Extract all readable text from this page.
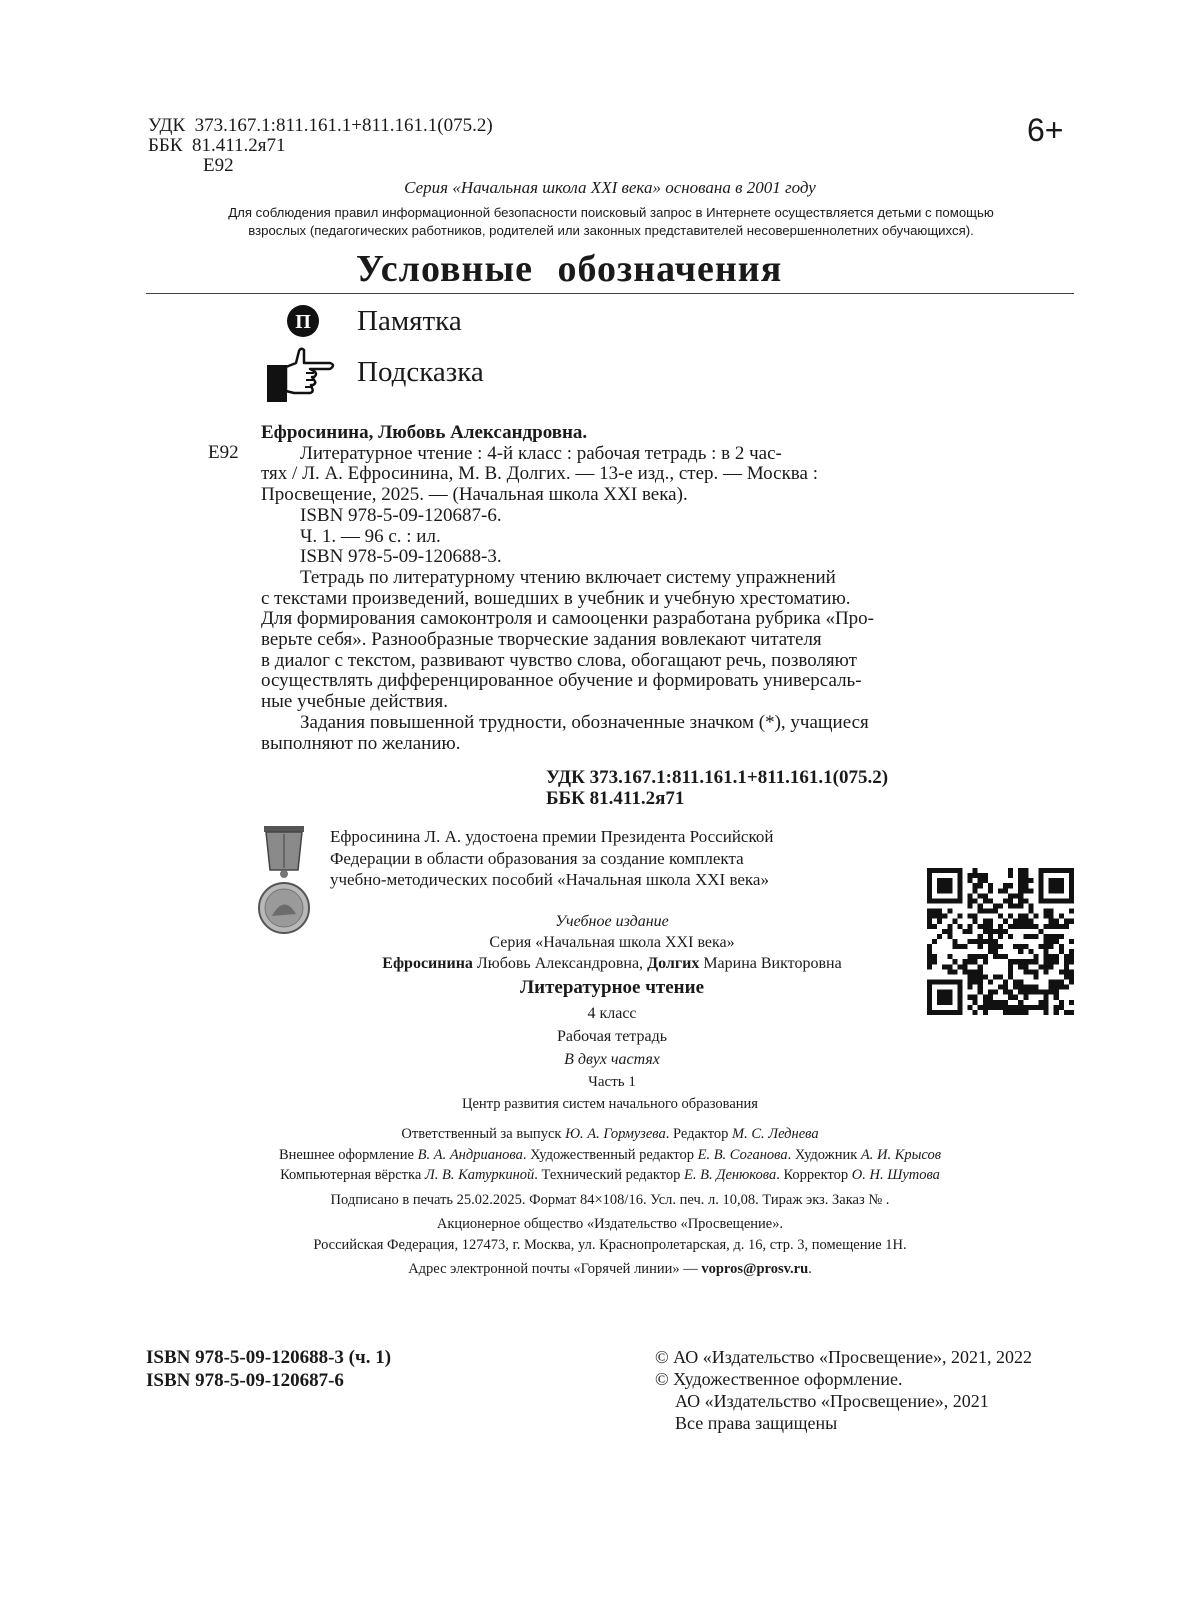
УДК 373.167.1:811.161.1+811.161.1(075.2)
ББК 81.411.2я71
Е92
6+
Серия «Начальная школа XXI века» основана в 2001 году
Для соблюдения правил информационной безопасности поисковый запрос в Интернете осуществляется детьми с помощью
взрослых (педагогических работников, родителей или законных представителей несовершеннолетних обучающихся).
Условные обозначения
П Памятка
Подсказка
Е92

Ефросинина, Любовь Александровна.

Литературное чтение : 4-й класс : рабочая тетрадь : в 2 час-

тях / Л. А. Ефросинина, М. В. Долгих. — 13-е изд., стер. — Москва :

Просвещение, 2025. — (Начальная школа XXI века).

ISBN 978-5-09-120687-6.

Ч. 1. — 96 с. : ил.

ISBN 978-5-09-120688-3.

Тетрадь по литературному чтению включает систему упражнений

с текстами произведений, вошедших в учебник и учебную хрестоматию.

Для формирования самоконтроля и самооценки разработана рубрика «Про-

верьте себя». Разнообразные творческие задания вовлекают читателя

в диалог с текстом, развивают чувство слова, обогащают речь, позволяют

осуществлять дифференцированное обучение и формировать универсаль-

ные учебные действия.

Задания повышенной трудности, обозначенные значком (*), учащиеся

выполняют по желанию.

УДК 373.167.1:811.161.1+811.161.1(075.2)
ББК 81.411.2я71
Ефросинина Л. А. удостоена премии Президента Российской
Федерации в области образования за создание комплекта
учебно-методических пособий «Начальная школа XXI века»
Учебное издание
Серия «Начальная школа XXI века»
Ефросинина Любовь Александровна, Долгих Марина Викторовна
Литературное чтение
4 класс
Рабочая тетрадь
В двух частях
Часть 1
Центр развития систем начального образования
Ответственный за выпуск Ю. А. Гормузева. Редактор М. С. Леднева
Внешнее оформление В. А. Андрианова. Художественный редактор Е. В. Соганова. Художник А. И. Крысов
Компьютерная вёрстка Л. В. Катуркиной. Технический редактор Е. В. Денюкова. Корректор О. Н. Шутова
Подписано в печать 25.02.2025. Формат 84×108/16. Усл. печ. л. 10,08. Тираж экз. Заказ № .
Акционерное общество «Издательство «Просвещение».
Российская Федерация, 127473, г. Москва, ул. Краснопролетарская, д. 16, стр. 3, помещение 1Н.
Адрес электронной почты «Горячей линии» — vopros@prosv.ru.
ISBN 978-5-09-120688-3 (ч. 1)
ISBN 978-5-09-120687-6
© АО «Издательство «Просвещение», 2021, 2022
© Художественное оформление.
АО «Издательство «Просвещение», 2021
Все права защищены
